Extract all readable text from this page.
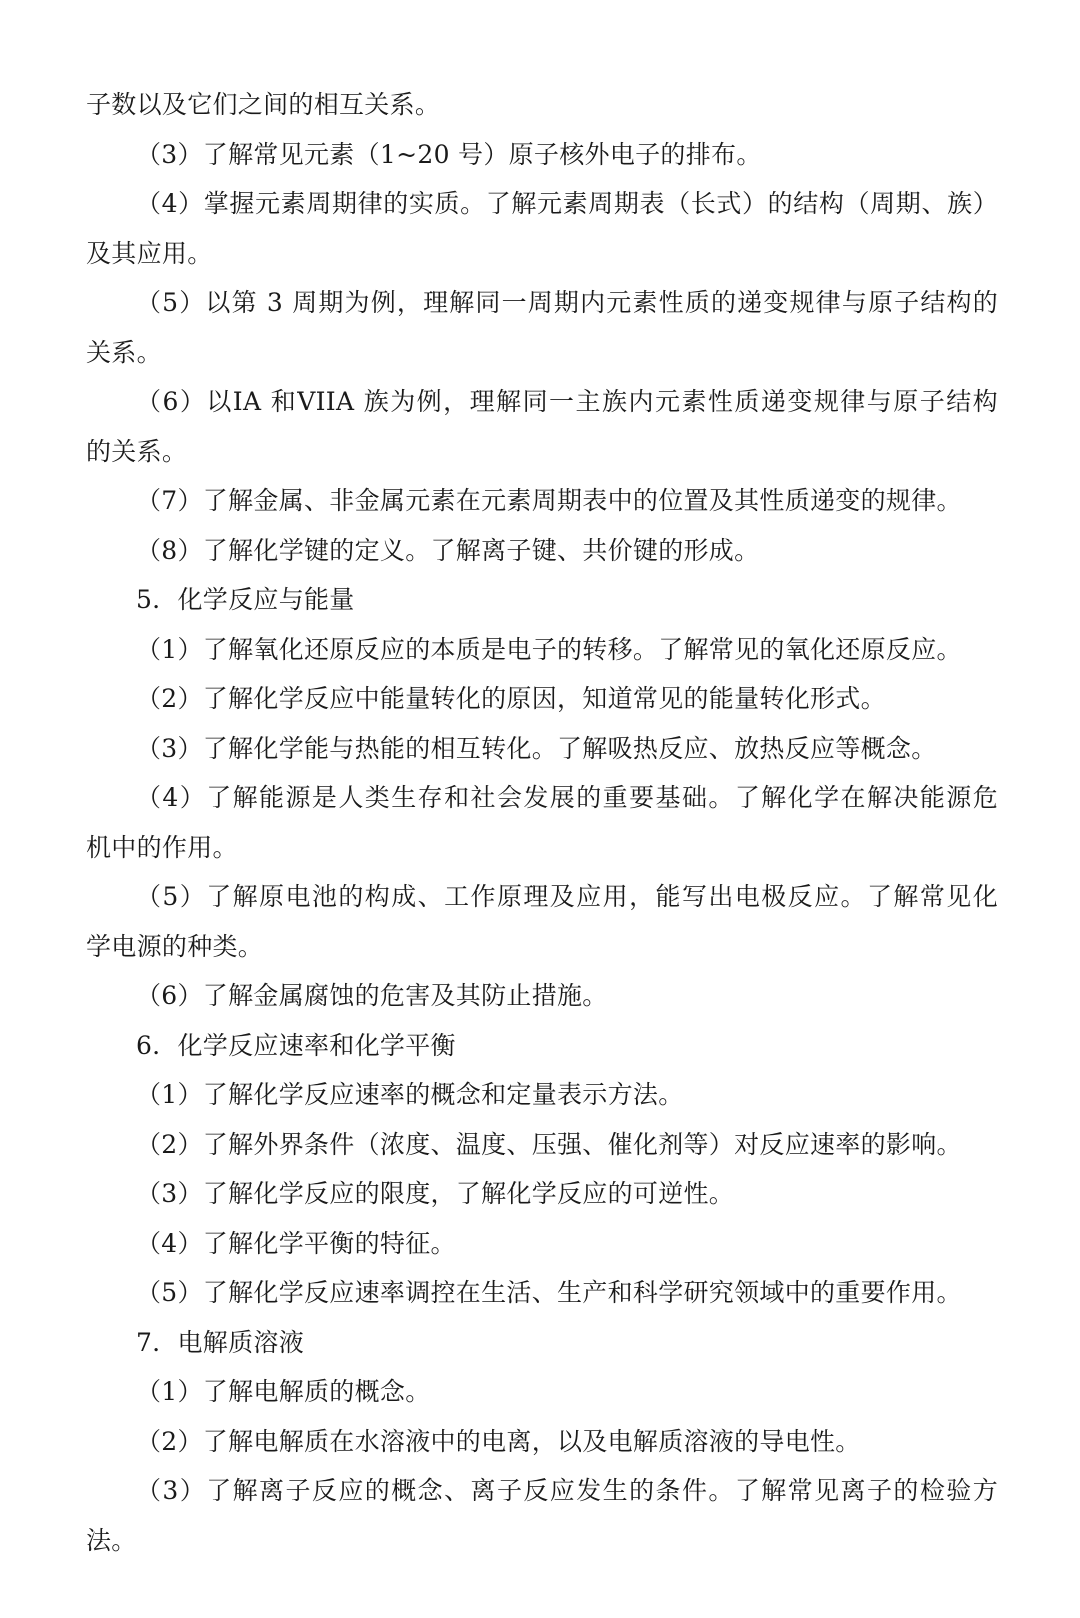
子数以及它们之间的相互关系。
（3）了解常见元素（1~20 号）原子核外电子的排布。
（4）掌握元素周期律的实质。了解元素周期表（长式）的结构（周期、族）
及其应用。
（5）以第 3 周期为例，理解同一周期内元素性质的递变规律与原子结构的
关系。
（6）以IA 和VIIA 族为例，理解同一主族内元素性质递变规律与原子结构
的关系。
（7）了解金属、非金属元素在元素周期表中的位置及其性质递变的规律。
（8）了解化学键的定义。了解离子键、共价键的形成。
5．化学反应与能量
（1）了解氧化还原反应的本质是电子的转移。了解常见的氧化还原反应。
（2）了解化学反应中能量转化的原因，知道常见的能量转化形式。
（3）了解化学能与热能的相互转化。了解吸热反应、放热反应等概念。
（4）了解能源是人类生存和社会发展的重要基础。了解化学在解决能源危
机中的作用。
（5）了解原电池的构成、工作原理及应用，能写出电极反应。了解常见化
学电源的种类。
（6）了解金属腐蚀的危害及其防止措施。
6．化学反应速率和化学平衡
（1）了解化学反应速率的概念和定量表示方法。
（2）了解外界条件（浓度、温度、压强、催化剂等）对反应速率的影响。
（3）了解化学反应的限度，了解化学反应的可逆性。
（4）了解化学平衡的特征。
（5）了解化学反应速率调控在生活、生产和科学研究领域中的重要作用。
7．电解质溶液
（1）了解电解质的概念。
（2）了解电解质在水溶液中的电离，以及电解质溶液的导电性。
（3）了解离子反应的概念、离子反应发生的条件。了解常见离子的检验方
法。
